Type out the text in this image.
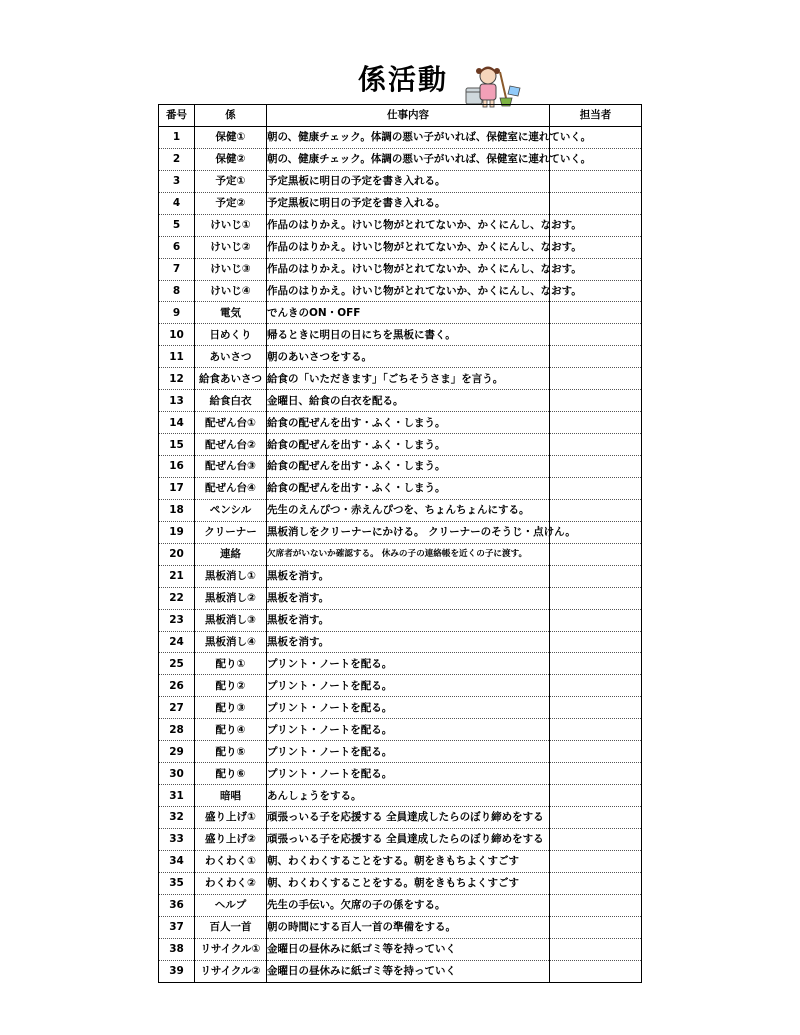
係活動
番号	係	仕事内容	担当者
1	保健①	朝の、健康チェック。体調の悪い子がいれば、保健室に連れていく。	
2	保健②	朝の、健康チェック。体調の悪い子がいれば、保健室に連れていく。	
3	予定①	予定黒板に明日の予定を書き入れる。	
4	予定②	予定黒板に明日の予定を書き入れる。	
5	けいじ①	作品のはりかえ。けいじ物がとれてないか、かくにんし、なおす。	
6	けいじ②	作品のはりかえ。けいじ物がとれてないか、かくにんし、なおす。	
7	けいじ③	作品のはりかえ。けいじ物がとれてないか、かくにんし、なおす。	
8	けいじ④	作品のはりかえ。けいじ物がとれてないか、かくにんし、なおす。	
9	電気	でんきのON・OFF	
10	日めくり	帰るときに明日の日にちを黒板に書く。	
11	あいさつ	朝のあいさつをする。	
12	給食あいさつ	給食の「いただきます」「ごちそうさま」を言う。	
13	給食白衣	金曜日、給食の白衣を配る。	
14	配ぜん台①	給食の配ぜんを出す・ふく・しまう。	
15	配ぜん台②	給食の配ぜんを出す・ふく・しまう。	
16	配ぜん台③	給食の配ぜんを出す・ふく・しまう。	
17	配ぜん台④	給食の配ぜんを出す・ふく・しまう。	
18	ペンシル	先生のえんぴつ・赤えんぴつを、ちょんちょんにする。	
19	クリーナー	黒板消しをクリーナーにかける。 クリーナーのそうじ・点けん。	
20	連絡	欠席者がいないか確認する。 休みの子の連絡帳を近くの子に渡す。	
21	黒板消し①	黒板を消す。	
22	黒板消し②	黒板を消す。	
23	黒板消し③	黒板を消す。	
24	黒板消し④	黒板を消す。	
25	配り①	プリント・ノートを配る。	
26	配り②	プリント・ノートを配る。	
27	配り③	プリント・ノートを配る。	
28	配り④	プリント・ノートを配る。	
29	配り⑤	プリント・ノートを配る。	
30	配り⑥	プリント・ノートを配る。	
31	暗唱	あんしょうをする。	
32	盛り上げ①	頑張っいる子を応援する 全員達成したらのぼり締めをする	
33	盛り上げ②	頑張っいる子を応援する 全員達成したらのぼり締めをする	
34	わくわく①	朝、わくわくすることをする。朝をきもちよくすごす	
35	わくわく②	朝、わくわくすることをする。朝をきもちよくすごす	
36	ヘルプ	先生の手伝い。欠席の子の係をする。	
37	百人一首	朝の時間にする百人一首の準備をする。	
38	リサイクル①	金曜日の昼休みに紙ゴミ等を持っていく	
39	リサイクル②	金曜日の昼休みに紙ゴミ等を持っていく	
